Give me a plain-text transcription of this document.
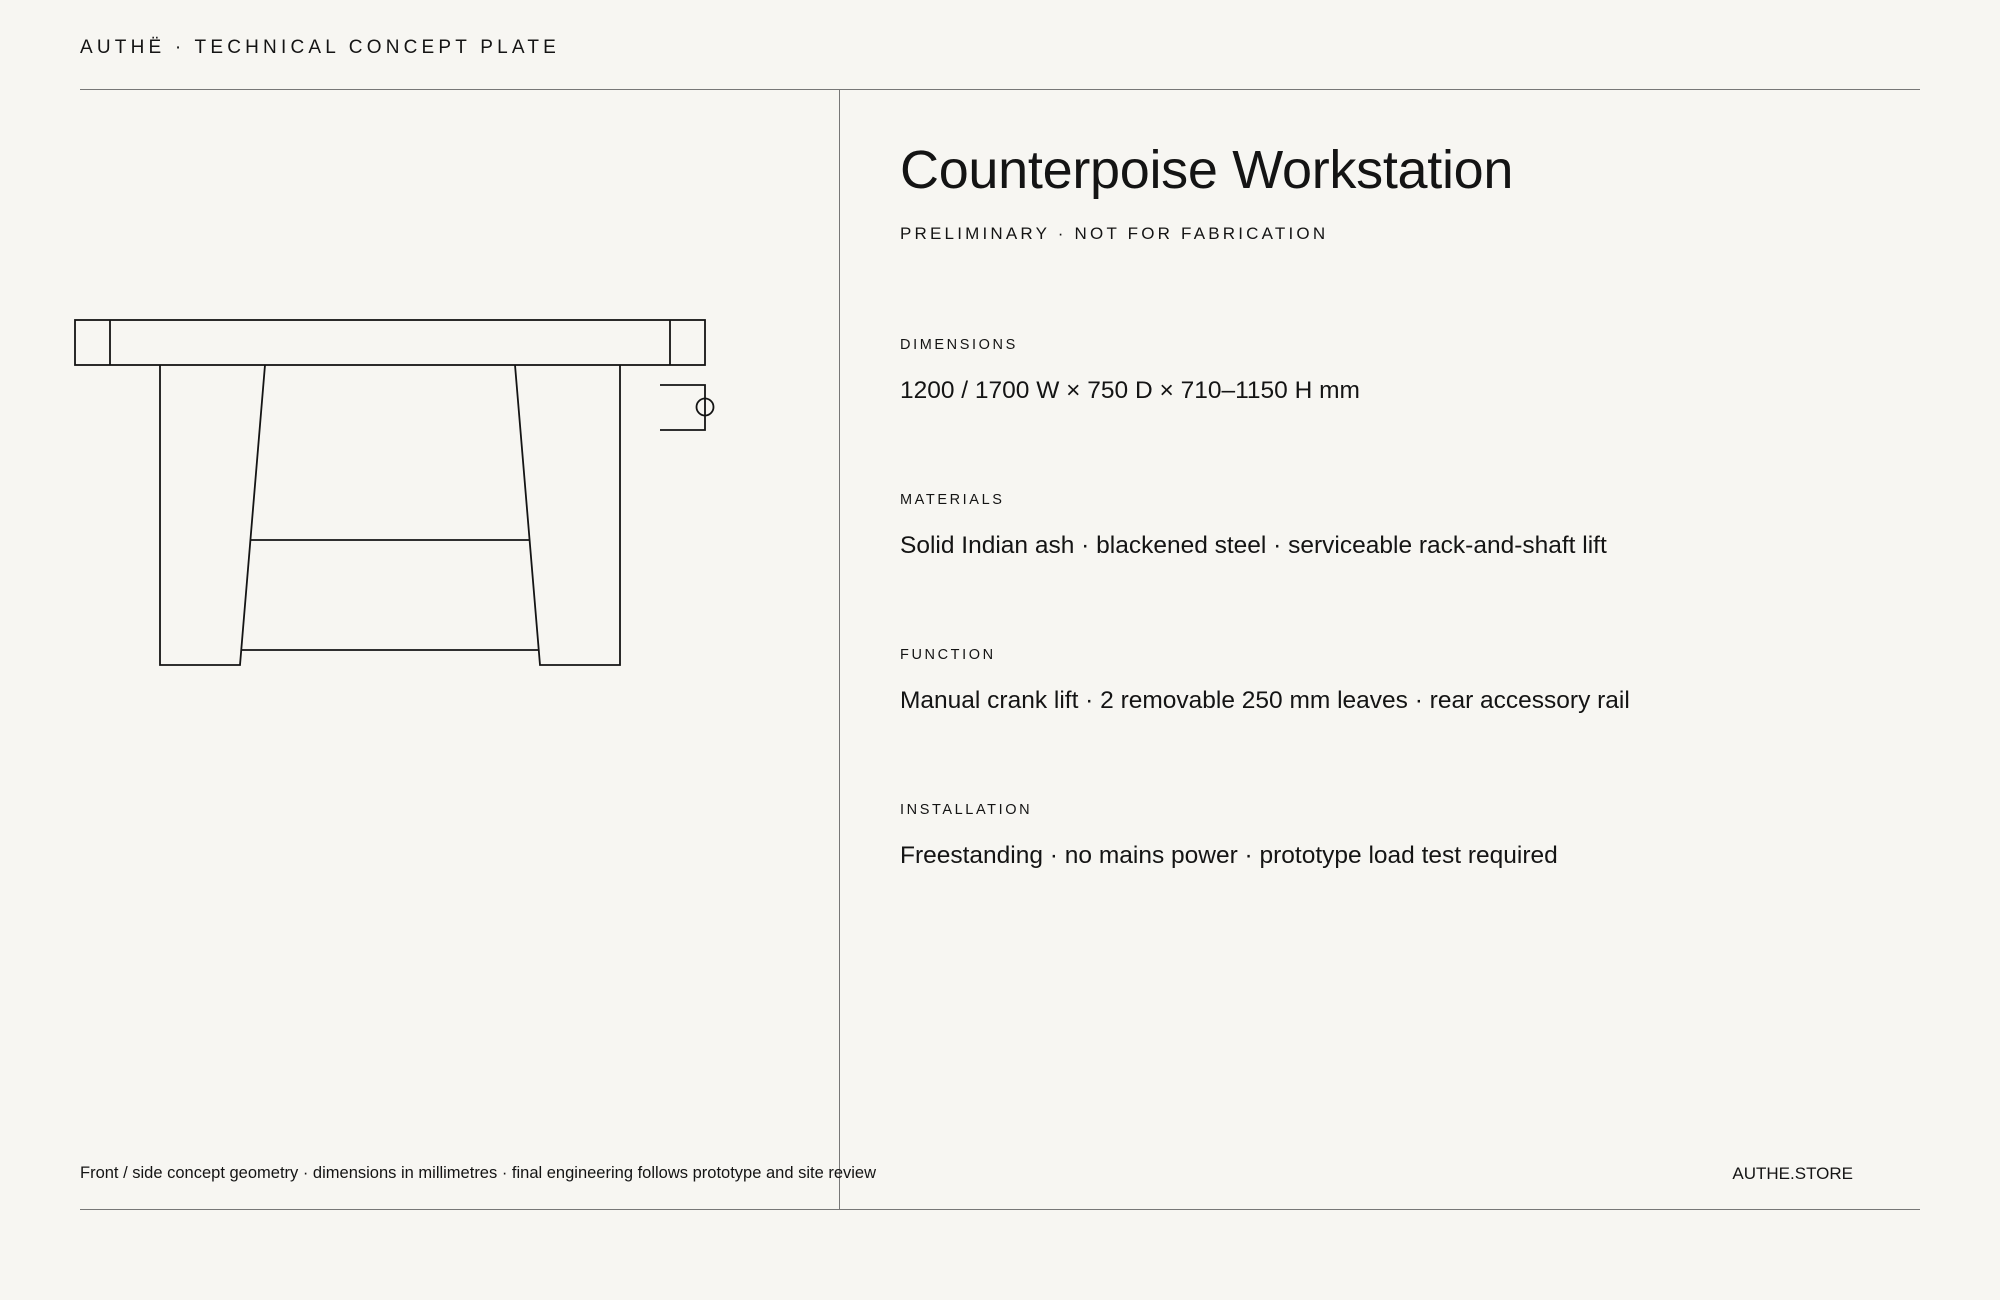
AUTHË · TECHNICAL CONCEPT PLATE
Counterpoise Workstation
PRELIMINARY · NOT FOR FABRICATION
DIMENSIONS
1200 / 1700 W × 750 D × 710–1150 H mm
MATERIALS
Solid Indian ash · blackened steel · serviceable rack-and-shaft lift
FUNCTION
Manual crank lift · 2 removable 250 mm leaves · rear accessory rail
INSTALLATION
Freestanding · no mains power · prototype load test required
Front / side concept geometry · dimensions in millimetres · final engineering follows prototype and site review	AUTHE.STORE
